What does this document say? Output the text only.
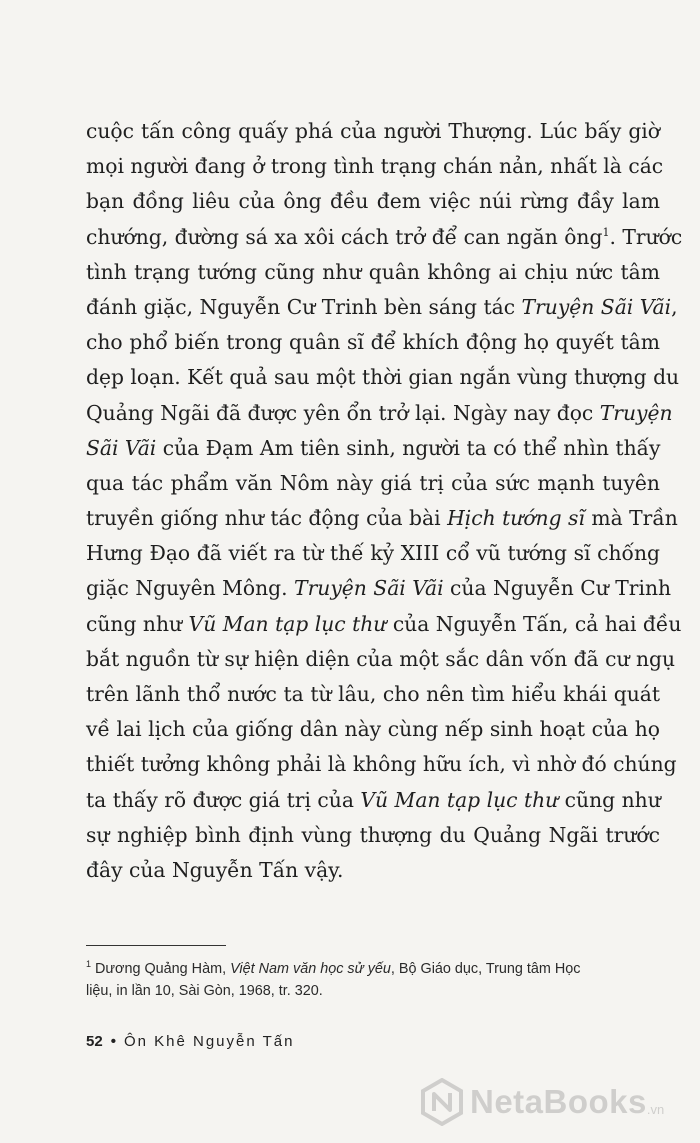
cuộc tấn công quấy phá của người Thượng. Lúc bấy giờ
mọi người đang ở trong tình trạng chán nản, nhất là các
bạn đồng liêu của ông đều đem việc núi rừng đầy lam
chướng, đường sá xa xôi cách trở để can ngăn ông$^1$. Trước
tình trạng tướng cũng như quân không ai chịu nức tâm
đánh giặc, Nguyễn Cư Trinh bèn sáng tác Truyện Sãi Vãi,
cho phổ biến trong quân sĩ để khích động họ quyết tâm
dẹp loạn. Kết quả sau một thời gian ngắn vùng thượng du
Quảng Ngãi đã được yên ổn trở lại. Ngày nay đọc Truyện
Sãi Vãi của Đạm Am tiên sinh, người ta có thể nhìn thấy
qua tác phẩm văn Nôm này giá trị của sức mạnh tuyên
truyền giống như tác động của bài Hịch tướng sĩ mà Trần
Hưng Đạo đã viết ra từ thế kỷ XIII cổ vũ tướng sĩ chống
giặc Nguyên Mông. Truyện Sãi Vãi của Nguyễn Cư Trinh
cũng như Vũ Man tạp lục thư của Nguyễn Tấn, cả hai đều
bắt nguồn từ sự hiện diện của một sắc dân vốn đã cư ngụ
trên lãnh thổ nước ta từ lâu, cho nên tìm hiểu khái quát
về lai lịch của giống dân này cùng nếp sinh hoạt của họ
thiết tưởng không phải là không hữu ích, vì nhờ đó chúng
ta thấy rõ được giá trị của Vũ Man tạp lục thư cũng như
sự nghiệp bình định vùng thượng du Quảng Ngãi trước
đây của Nguyễn Tấn vậy.
$^1$ Dương Quảng Hàm, Việt Nam văn học sử yếu, Bộ Giáo dục, Trung tâm Học
liệu, in lần 10, Sài Gòn, 1968, tr. 320.
52 • Ôn Khê Nguyễn Tấn
NetaBooks .vn
